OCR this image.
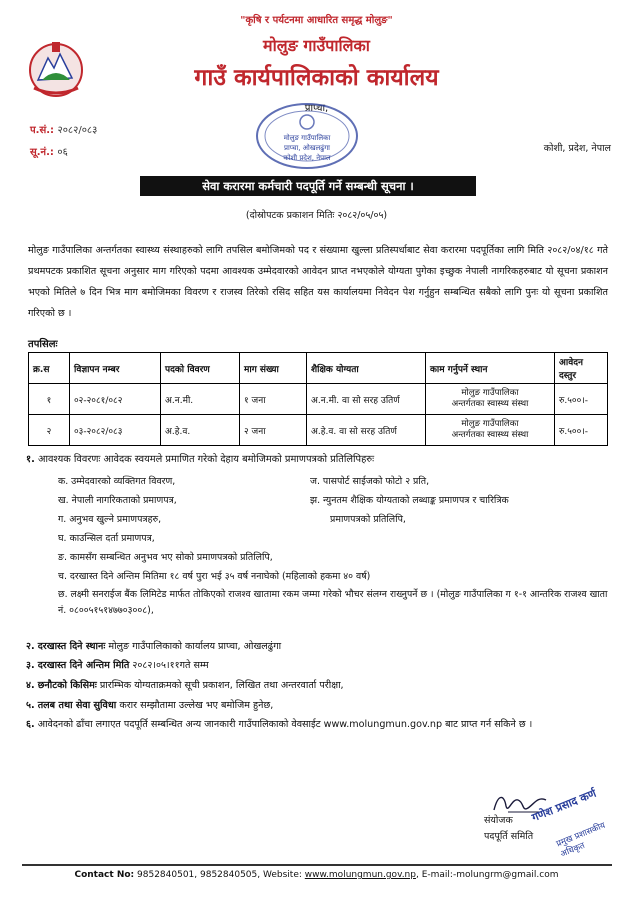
"कृषि र पर्यटनमा आधारित समृद्ध मोलुङ"
मोलुङ गाउँपालिका
गाउँ कार्यपालिकाको कार्यालय
प्राप्चा,
प.सं.: २०८२/०८३
सू.नं.: ०६	कोशी, प्रदेश, नेपाल
मोलुङ गाउँपालिका
प्राप्चा, ओखलढुंगा
कोशी प्रदेश, नेपाल
सेवा करारमा कर्मचारी पदपूर्ति गर्ने सम्बन्धी सूचना ।
(दोस्रोपटक प्रकाशन मितिः २०८२/०५/०५)
मोलुङ गाउँपालिका अन्तर्गतका स्वास्थ्य संस्थाहरुको लागि तपसिल बमोजिमको पद र संख्यामा खुल्ला प्रतिस्पर्धाबाट सेवा करारमा पदपूर्तिका लागि मिति २०८२/०४/१८ गते प्रथमपटक प्रकाशित सूचना अनुसार माग गरिएको पदमा आवश्यक उम्मेदवारको आवेदन प्राप्त नभएकोले योग्यता पुगेका इच्छुक नेपाली नागरिकहरुबाट यो सूचना प्रकाशन भएको मितिले ७ दिन भित्र माग बमोजिमका विवरण र राजस्व तिरेको रसिद सहित यस कार्यालयमा निवेदन पेश गर्नुहुन सम्बन्धित सबैको लागि पुनः यो सूचना प्रकाशित गरिएको छ ।
तपसिलः
क्र.स	विज्ञापन नम्बर	पदको विवरण	माग संख्या	शैक्षिक योग्यता	काम गर्नुपर्ने स्थान	आवेदन दस्तुर
१	०२-२०८१/०८२	अ.न.मी.	१ जना	अ.न.मी. वा सो सरह उतिर्ण	मोलुङ गाउँपालिका
अन्तर्गतका स्वास्थ्य संस्था	रु.५००।-
२	०३-२०८२/०८३	अ.हे.व.	२ जना	अ.हे.व. वा सो सरह उतिर्ण	मोलुङ गाउँपालिका
अन्तर्गतका स्वास्थ्य संस्था	रु.५००।-
१. आवश्यक विवरणः आवेदक स्वयमले प्रमाणित गरेको देहाय बमोजिमको प्रमाणपत्रको प्रतिलिपिहरुः
क. उम्मेदवारको व्यक्तिगत विवरण,	ज. पासपोर्ट साईजको फोटो २ प्रति,
ख. नेपाली नागरिकताको प्रमाणपत्र,	झ. न्युनतम शैक्षिक योग्यताको लब्धाङ्क प्रमाणपत्र र चारित्रिक
ग. अनुभव खुल्ने प्रमाणपत्रहरु,	प्रमाणपत्रको प्रतिलिपि,
घ. काउन्सिल दर्ता प्रमाणपत्र,
ङ. कामसँग सम्बन्धित अनुभव भए सोको प्रमाणपत्रको प्रतिलिपि,
च. दरखास्त दिने अन्तिम मितिमा १८ वर्ष पुरा भई ३५ वर्ष ननाघेको (महिलाको हकमा ४० वर्ष)
छ. लक्ष्मी सनराईज बैंक लिमिटेड मार्फत तोकिएको राजश्व खातामा रकम जम्मा गरेको भौचर संलग्न राख्नुपर्ने छ । (मोलुङ गाउँपालिका ग १-१ आन्तरिक राजश्व खाता नं. ०८००५१५१४७७०३००८),
२. दरखास्त दिने स्थानः मोलुङ गाउँपालिकाको कार्यालय प्राप्चा, ओखलढुंगा
३. दरखास्त दिने अन्तिम मिति २०८२।०५।११गते सम्म
४. छनौटको किसिमः प्रारम्भिक योग्यताक्रमको सूची प्रकाशन, लिखित तथा अन्तरवार्ता परीक्षा,
५. तलब तथा सेवा सुविधा करार सम्झौतामा उल्लेख भए बमोजिम हुनेछ,
६. आवेदनको ढाँचा लगाएत पदपूर्ति सम्बन्धित अन्य जानकारी गाउँपालिकाको वेवसाईट www.molungmun.gov.np बाट प्राप्त गर्न सकिने छ ।
संयोजक
पदपूर्ति समिति
गणेश प्रसाद कर्ण
प्रमुख प्रशासकीय अधिकृत
Contact No: 9852840501, 9852840505, Website: www.molungmun.gov.np, E-mail:-molungrm@gmail.com
